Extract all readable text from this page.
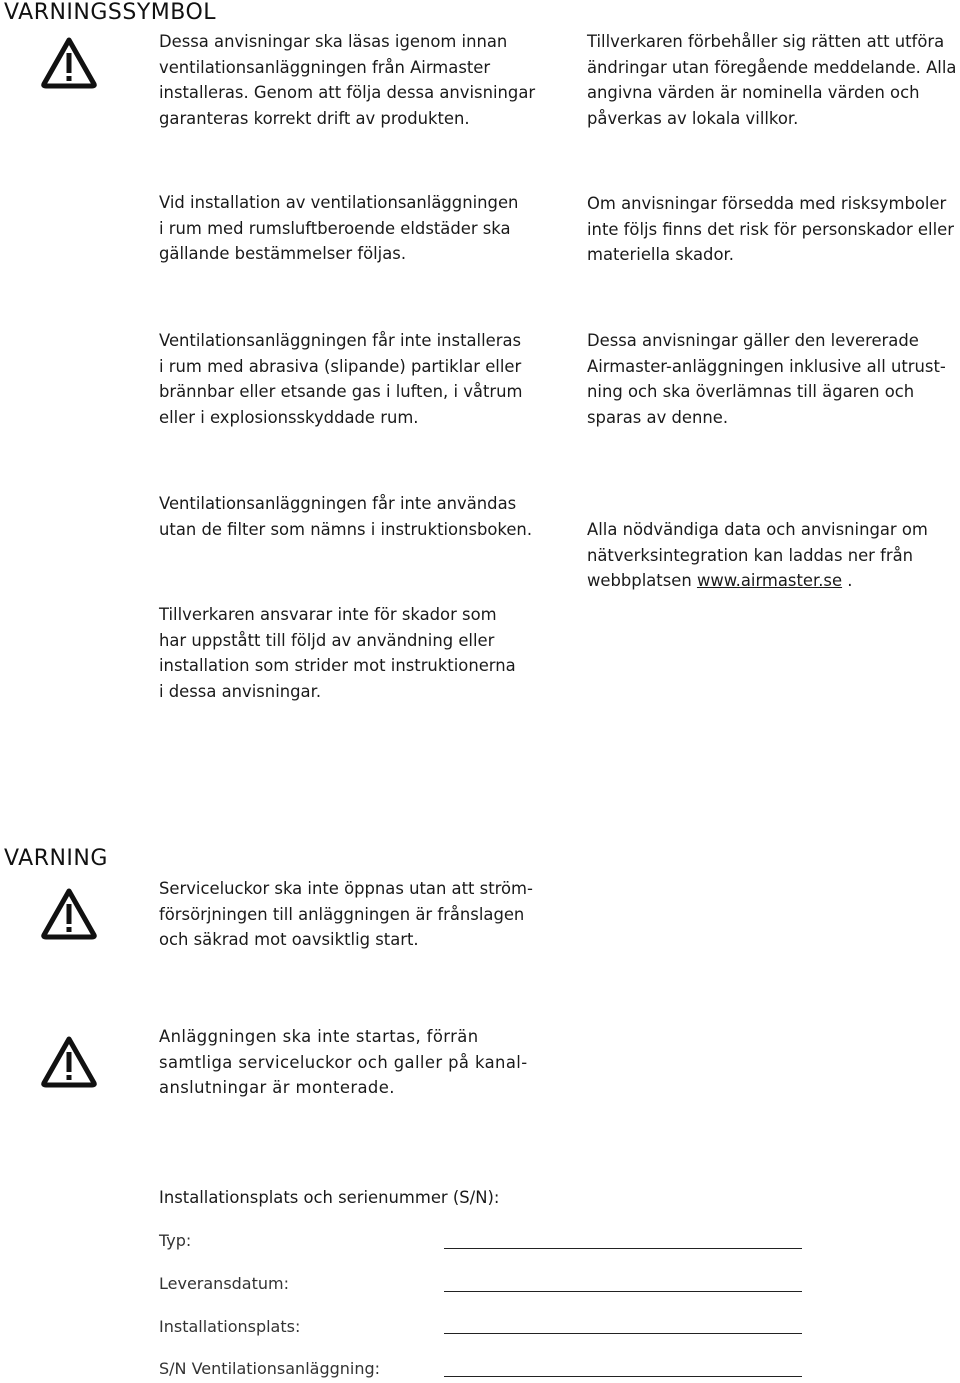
VARNINGSSYMBOL

Dessa anvisningar ska läsas igenom innan
ventilationsanläggningen från Airmaster
installeras. Genom att följa dessa anvisningar
garanteras korrekt drift av produkten.

Tillverkaren förbehåller sig rätten att utföra
ändringar utan föregående meddelande. Alla
angivna värden är nominella värden och
påverkas av lokala villkor.

Vid installation av ventilationsanläggningen
i rum med rumsluftberoende eldstäder ska
gällande bestämmelser följas.

Om anvisningar försedda med risksymboler
inte följs finns det risk för personskador eller
materiella skador.

Ventilationsanläggningen får inte installeras
i rum med abrasiva (slipande) partiklar eller
brännbar eller etsande gas i luften, i våtrum
eller i explosionsskyddade rum.

Dessa anvisningar gäller den levererade
Airmaster-anläggningen inklusive all utrust-
ning och ska överlämnas till ägaren och
sparas av denne.

Ventilationsanläggningen får inte användas
utan de filter som nämns i instruktionsboken.	Alla nödvändiga data och anvisningar om
nätverksintegration kan laddas ner från
webbplatsen www.airmaster.se .

Tillverkaren ansvarar inte för skador som
har uppstått till följd av användning eller
installation som strider mot instruktionerna
i dessa anvisningar.

VARNING

Serviceluckor ska inte öppnas utan att ström-
försörjningen till anläggningen är frånslagen
och säkrad mot oavsiktlig start.

Anläggningen ska inte startas, förrän
samtliga serviceluckor och galler på kanal-
anslutningar är monterade.

Installationsplats och serienummer (S/N):

Typ:

Leveransdatum:

Installationsplats:

S/N Ventilationsanläggning:
